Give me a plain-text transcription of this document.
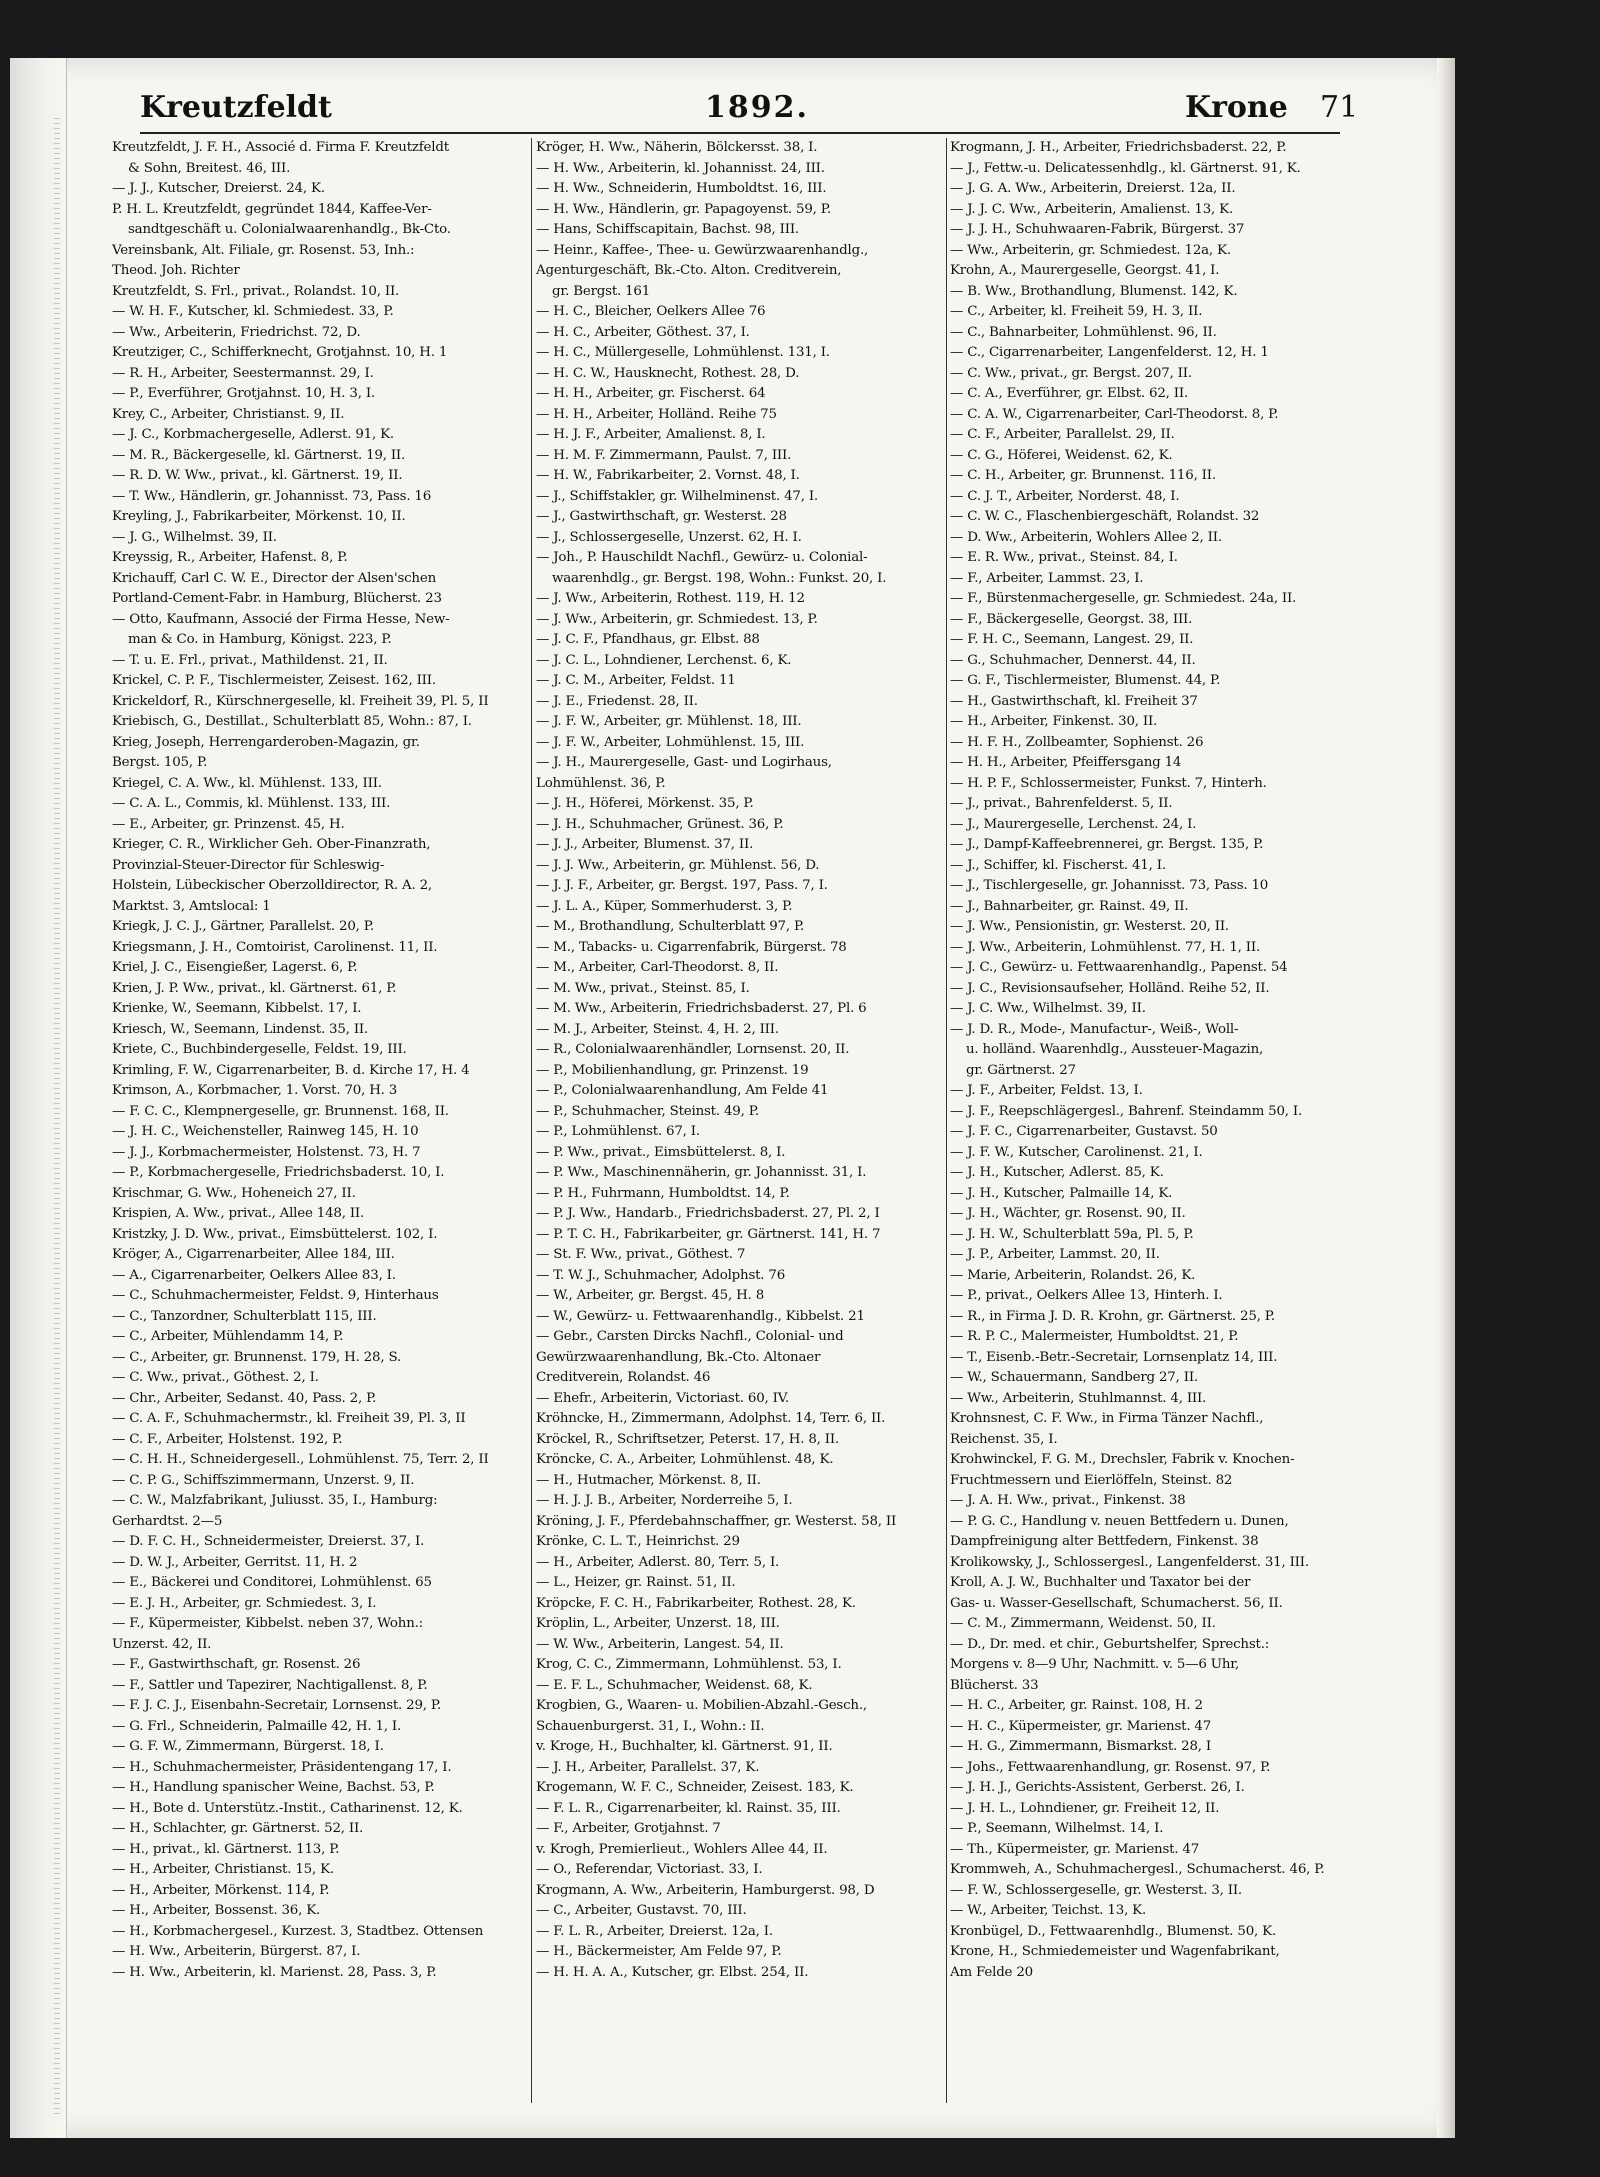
Kreutzfeldt	1892.	Krone 71
Kreutzfeldt, J. F. H., Associé d. Firma F. Kreutzfeldt
& Sohn, Breitest. 46, III.
— J. J., Kutscher, Dreierst. 24, K.
P. H. L. Kreutzfeldt, gegründet 1844, Kaffee-Ver-
sandtgeschäft u. Colonialwaarenhandlg., Bk-Cto.
Vereinsbank, Alt. Filiale, gr. Rosenst. 53, Inh.:
Theod. Joh. Richter
Kreutzfeldt, S. Frl., privat., Rolandst. 10, II.
— W. H. F., Kutscher, kl. Schmiedest. 33, P.
— Ww., Arbeiterin, Friedrichst. 72, D.
Kreutziger, C., Schifferknecht, Grotjahnst. 10, H. 1
— R. H., Arbeiter, Seestermannst. 29, I.
— P., Everführer, Grotjahnst. 10, H. 3, I.
Krey, C., Arbeiter, Christianst. 9, II.
— J. C., Korbmachergeselle, Adlerst. 91, K.
— M. R., Bäckergeselle, kl. Gärtnerst. 19, II.
— R. D. W. Ww., privat., kl. Gärtnerst. 19, II.
— T. Ww., Händlerin, gr. Johannisst. 73, Pass. 16
Kreyling, J., Fabrikarbeiter, Mörkenst. 10, II.
— J. G., Wilhelmst. 39, II.
Kreyssig, R., Arbeiter, Hafenst. 8, P.
Krichauff, Carl C. W. E., Director der Alsen'schen
Portland-Cement-Fabr. in Hamburg, Blücherst. 23
— Otto, Kaufmann, Associé der Firma Hesse, New-
man & Co. in Hamburg, Königst. 223, P.
— T. u. E. Frl., privat., Mathildenst. 21, II.
Krickel, C. P. F., Tischlermeister, Zeisest. 162, III.
Krickeldorf, R., Kürschnergeselle, kl. Freiheit 39, Pl. 5, II
Kriebisch, G., Destillat., Schulterblatt 85, Wohn.: 87, I.
Krieg, Joseph, Herrengarderoben-Magazin, gr.
Bergst. 105, P.
Kriegel, C. A. Ww., kl. Mühlenst. 133, III.
— C. A. L., Commis, kl. Mühlenst. 133, III.
— E., Arbeiter, gr. Prinzenst. 45, H.
Krieger, C. R., Wirklicher Geh. Ober-Finanzrath,
Provinzial-Steuer-Director für Schleswig-
Holstein, Lübeckischer Oberzolldirector, R. A. 2,
Marktst. 3, Amtslocal: 1
Kriegk, J. C. J., Gärtner, Parallelst. 20, P.
Kriegsmann, J. H., Comtoirist, Carolinenst. 11, II.
Kriel, J. C., Eisengießer, Lagerst. 6, P.
Krien, J. P. Ww., privat., kl. Gärtnerst. 61, P.
Krienke, W., Seemann, Kibbelst. 17, I.
Kriesch, W., Seemann, Lindenst. 35, II.
Kriete, C., Buchbindergeselle, Feldst. 19, III.
Krimling, F. W., Cigarrenarbeiter, B. d. Kirche 17, H. 4
Krimson, A., Korbmacher, 1. Vorst. 70, H. 3
— F. C. C., Klempnergeselle, gr. Brunnenst. 168, II.
— J. H. C., Weichensteller, Rainweg 145, H. 10
— J. J., Korbmachermeister, Holstenst. 73, H. 7
— P., Korbmachergeselle, Friedrichsbaderst. 10, I.
Krischmar, G. Ww., Hoheneich 27, II.
Krispien, A. Ww., privat., Allee 148, II.
Kristzky, J. D. Ww., privat., Eimsbüttelerst. 102, I.
Kröger, A., Cigarrenarbeiter, Allee 184, III.
— A., Cigarrenarbeiter, Oelkers Allee 83, I.
— C., Schuhmachermeister, Feldst. 9, Hinterhaus
— C., Tanzordner, Schulterblatt 115, III.
— C., Arbeiter, Mühlendamm 14, P.
— C., Arbeiter, gr. Brunnenst. 179, H. 28, S.
— C. Ww., privat., Göthest. 2, I.
— Chr., Arbeiter, Sedanst. 40, Pass. 2, P.
— C. A. F., Schuhmachermstr., kl. Freiheit 39, Pl. 3, II
— C. F., Arbeiter, Holstenst. 192, P.
— C. H. H., Schneidergesell., Lohmühlenst. 75, Terr. 2, II
— C. P. G., Schiffszimmermann, Unzerst. 9, II.
— C. W., Malzfabrikant, Juliusst. 35, I., Hamburg:
Gerhardtst. 2—5
— D. F. C. H., Schneidermeister, Dreierst. 37, I.
— D. W. J., Arbeiter, Gerritst. 11, H. 2
— E., Bäckerei und Conditorei, Lohmühlenst. 65
— E. J. H., Arbeiter, gr. Schmiedest. 3, I.
— F., Küpermeister, Kibbelst. neben 37, Wohn.:
Unzerst. 42, II.
— F., Gastwirthschaft, gr. Rosenst. 26
— F., Sattler und Tapezirer, Nachtigallenst. 8, P.
— F. J. C. J., Eisenbahn-Secretair, Lornsenst. 29, P.
— G. Frl., Schneiderin, Palmaille 42, H. 1, I.
— G. F. W., Zimmermann, Bürgerst. 18, I.
— H., Schuhmachermeister, Präsidentengang 17, I.
— H., Handlung spanischer Weine, Bachst. 53, P.
— H., Bote d. Unterstütz.-Instit., Catharinenst. 12, K.
— H., Schlachter, gr. Gärtnerst. 52, II.
— H., privat., kl. Gärtnerst. 113, P.
— H., Arbeiter, Christianst. 15, K.
— H., Arbeiter, Mörkenst. 114, P.
— H., Arbeiter, Bossenst. 36, K.
— H., Korbmachergesel., Kurzest. 3, Stadtbez. Ottensen
— H. Ww., Arbeiterin, Bürgerst. 87, I.
— H. Ww., Arbeiterin, kl. Marienst. 28, Pass. 3, P.
Kröger, H. Ww., Näherin, Bölckersst. 38, I.
— H. Ww., Arbeiterin, kl. Johannisst. 24, III.
— H. Ww., Schneiderin, Humboldtst. 16, III.
— H. Ww., Händlerin, gr. Papagoyenst. 59, P.
— Hans, Schiffscapitain, Bachst. 98, III.
— Heinr., Kaffee-, Thee- u. Gewürzwaarenhandlg.,
Agenturgeschäft, Bk.-Cto. Alton. Creditverein,
gr. Bergst. 161
— H. C., Bleicher, Oelkers Allee 76
— H. C., Arbeiter, Göthest. 37, I.
— H. C., Müllergeselle, Lohmühlenst. 131, I.
— H. C. W., Hausknecht, Rothest. 28, D.
— H. H., Arbeiter, gr. Fischerst. 64
— H. H., Arbeiter, Holländ. Reihe 75
— H. J. F., Arbeiter, Amalienst. 8, I.
— H. M. F. Zimmermann, Paulst. 7, III.
— H. W., Fabrikarbeiter, 2. Vornst. 48, I.
— J., Schiffstakler, gr. Wilhelminenst. 47, I.
— J., Gastwirthschaft, gr. Westerst. 28
— J., Schlossergeselle, Unzerst. 62, H. I.
— Joh., P. Hauschildt Nachfl., Gewürz- u. Colonial-
waarenhdlg., gr. Bergst. 198, Wohn.: Funkst. 20, I.
— J. Ww., Arbeiterin, Rothest. 119, H. 12
— J. Ww., Arbeiterin, gr. Schmiedest. 13, P.
— J. C. F., Pfandhaus, gr. Elbst. 88
— J. C. L., Lohndiener, Lerchenst. 6, K.
— J. C. M., Arbeiter, Feldst. 11
— J. E., Friedenst. 28, II.
— J. F. W., Arbeiter, gr. Mühlenst. 18, III.
— J. F. W., Arbeiter, Lohmühlenst. 15, III.
— J. H., Maurergeselle, Gast- und Logirhaus,
Lohmühlenst. 36, P.
— J. H., Höferei, Mörkenst. 35, P.
— J. H., Schuhmacher, Grünest. 36, P.
— J. J., Arbeiter, Blumenst. 37, II.
— J. J. Ww., Arbeiterin, gr. Mühlenst. 56, D.
— J. J. F., Arbeiter, gr. Bergst. 197, Pass. 7, I.
— J. L. A., Küper, Sommerhuderst. 3, P.
— M., Brothandlung, Schulterblatt 97, P.
— M., Tabacks- u. Cigarrenfabrik, Bürgerst. 78
— M., Arbeiter, Carl-Theodorst. 8, II.
— M. Ww., privat., Steinst. 85, I.
— M. Ww., Arbeiterin, Friedrichsbaderst. 27, Pl. 6
— M. J., Arbeiter, Steinst. 4, H. 2, III.
— R., Colonialwaarenhändler, Lornsenst. 20, II.
— P., Mobilienhandlung, gr. Prinzenst. 19
— P., Colonialwaarenhandlung, Am Felde 41
— P., Schuhmacher, Steinst. 49, P.
— P., Lohmühlenst. 67, I.
— P. Ww., privat., Eimsbüttelerst. 8, I.
— P. Ww., Maschinennäherin, gr. Johannisst. 31, I.
— P. H., Fuhrmann, Humboldtst. 14, P.
— P. J. Ww., Handarb., Friedrichsbaderst. 27, Pl. 2, I
— P. T. C. H., Fabrikarbeiter, gr. Gärtnerst. 141, H. 7
— St. F. Ww., privat., Göthest. 7
— T. W. J., Schuhmacher, Adolphst. 76
— W., Arbeiter, gr. Bergst. 45, H. 8
— W., Gewürz- u. Fettwaarenhandlg., Kibbelst. 21
— Gebr., Carsten Dircks Nachfl., Colonial- und
Gewürzwaarenhandlung, Bk.-Cto. Altonaer
Creditverein, Rolandst. 46
— Ehefr., Arbeiterin, Victoriast. 60, IV.
Kröhncke, H., Zimmermann, Adolphst. 14, Terr. 6, II.
Kröckel, R., Schriftsetzer, Peterst. 17, H. 8, II.
Kröncke, C. A., Arbeiter, Lohmühlenst. 48, K.
— H., Hutmacher, Mörkenst. 8, II.
— H. J. J. B., Arbeiter, Norderreihe 5, I.
Kröning, J. F., Pferdebahnschaffner, gr. Westerst. 58, II
Krönke, C. L. T., Heinrichst. 29
— H., Arbeiter, Adlerst. 80, Terr. 5, I.
— L., Heizer, gr. Rainst. 51, II.
Kröpcke, F. C. H., Fabrikarbeiter, Rothest. 28, K.
Kröplin, L., Arbeiter, Unzerst. 18, III.
— W. Ww., Arbeiterin, Langest. 54, II.
Krog, C. C., Zimmermann, Lohmühlenst. 53, I.
— E. F. L., Schuhmacher, Weidenst. 68, K.
Krogbien, G., Waaren- u. Mobilien-Abzahl.-Gesch.,
Schauenburgerst. 31, I., Wohn.: II.
v. Kroge, H., Buchhalter, kl. Gärtnerst. 91, II.
— J. H., Arbeiter, Parallelst. 37, K.
Krogemann, W. F. C., Schneider, Zeisest. 183, K.
— F. L. R., Cigarrenarbeiter, kl. Rainst. 35, III.
— F., Arbeiter, Grotjahnst. 7
v. Krogh, Premierlieut., Wohlers Allee 44, II.
— O., Referendar, Victoriast. 33, I.
Krogmann, A. Ww., Arbeiterin, Hamburgerst. 98, D
— C., Arbeiter, Gustavst. 70, III.
— F. L. R., Arbeiter, Dreierst. 12a, I.
— H., Bäckermeister, Am Felde 97, P.
— H. H. A. A., Kutscher, gr. Elbst. 254, II.
Krogmann, J. H., Arbeiter, Friedrichsbaderst. 22, P.
— J., Fettw.-u. Delicatessenhdlg., kl. Gärtnerst. 91, K.
— J. G. A. Ww., Arbeiterin, Dreierst. 12a, II.
— J. J. C. Ww., Arbeiterin, Amalienst. 13, K.
— J. J. H., Schuhwaaren-Fabrik, Bürgerst. 37
— Ww., Arbeiterin, gr. Schmiedest. 12a, K.
Krohn, A., Maurergeselle, Georgst. 41, I.
— B. Ww., Brothandlung, Blumenst. 142, K.
— C., Arbeiter, kl. Freiheit 59, H. 3, II.
— C., Bahnarbeiter, Lohmühlenst. 96, II.
— C., Cigarrenarbeiter, Langenfelderst. 12, H. 1
— C. Ww., privat., gr. Bergst. 207, II.
— C. A., Everführer, gr. Elbst. 62, II.
— C. A. W., Cigarrenarbeiter, Carl-Theodorst. 8, P.
— C. F., Arbeiter, Parallelst. 29, II.
— C. G., Höferei, Weidenst. 62, K.
— C. H., Arbeiter, gr. Brunnenst. 116, II.
— C. J. T., Arbeiter, Norderst. 48, I.
— C. W. C., Flaschenbiergeschäft, Rolandst. 32
— D. Ww., Arbeiterin, Wohlers Allee 2, II.
— E. R. Ww., privat., Steinst. 84, I.
— F., Arbeiter, Lammst. 23, I.
— F., Bürstenmachergeselle, gr. Schmiedest. 24a, II.
— F., Bäckergeselle, Georgst. 38, III.
— F. H. C., Seemann, Langest. 29, II.
— G., Schuhmacher, Dennerst. 44, II.
— G. F., Tischlermeister, Blumenst. 44, P.
— H., Gastwirthschaft, kl. Freiheit 37
— H., Arbeiter, Finkenst. 30, II.
— H. F. H., Zollbeamter, Sophienst. 26
— H. H., Arbeiter, Pfeiffersgang 14
— H. P. F., Schlossermeister, Funkst. 7, Hinterh.
— J., privat., Bahrenfelderst. 5, II.
— J., Maurergeselle, Lerchenst. 24, I.
— J., Dampf-Kaffeebrennerei, gr. Bergst. 135, P.
— J., Schiffer, kl. Fischerst. 41, I.
— J., Tischlergeselle, gr. Johannisst. 73, Pass. 10
— J., Bahnarbeiter, gr. Rainst. 49, II.
— J. Ww., Pensionistin, gr. Westerst. 20, II.
— J. Ww., Arbeiterin, Lohmühlenst. 77, H. 1, II.
— J. C., Gewürz- u. Fettwaarenhandlg., Papenst. 54
— J. C., Revisionsaufseher, Holländ. Reihe 52, II.
— J. C. Ww., Wilhelmst. 39, II.
— J. D. R., Mode-, Manufactur-, Weiß-, Woll-
u. holländ. Waarenhdlg., Aussteuer-Magazin,
gr. Gärtnerst. 27
— J. F., Arbeiter, Feldst. 13, I.
— J. F., Reepschlägergesl., Bahrenf. Steindamm 50, I.
— J. F. C., Cigarrenarbeiter, Gustavst. 50
— J. F. W., Kutscher, Carolinenst. 21, I.
— J. H., Kutscher, Adlerst. 85, K.
— J. H., Kutscher, Palmaille 14, K.
— J. H., Wächter, gr. Rosenst. 90, II.
— J. H. W., Schulterblatt 59a, Pl. 5, P.
— J. P., Arbeiter, Lammst. 20, II.
— Marie, Arbeiterin, Rolandst. 26, K.
— P., privat., Oelkers Allee 13, Hinterh. I.
— R., in Firma J. D. R. Krohn, gr. Gärtnerst. 25, P.
— R. P. C., Malermeister, Humboldtst. 21, P.
— T., Eisenb.-Betr.-Secretair, Lornsenplatz 14, III.
— W., Schauermann, Sandberg 27, II.
— Ww., Arbeiterin, Stuhlmannst. 4, III.
Krohnsnest, C. F. Ww., in Firma Tänzer Nachfl.,
Reichenst. 35, I.
Krohwinckel, F. G. M., Drechsler, Fabrik v. Knochen-
Fruchtmessern und Eierlöffeln, Steinst. 82
— J. A. H. Ww., privat., Finkenst. 38
— P. G. C., Handlung v. neuen Bettfedern u. Dunen,
Dampfreinigung alter Bettfedern, Finkenst. 38
Krolikowsky, J., Schlossergesl., Langenfelderst. 31, III.
Kroll, A. J. W., Buchhalter und Taxator bei der
Gas- u. Wasser-Gesellschaft, Schumacherst. 56, II.
— C. M., Zimmermann, Weidenst. 50, II.
— D., Dr. med. et chir., Geburtshelfer, Sprechst.:
Morgens v. 8—9 Uhr, Nachmitt. v. 5—6 Uhr,
Blücherst. 33
— H. C., Arbeiter, gr. Rainst. 108, H. 2
— H. C., Küpermeister, gr. Marienst. 47
— H. G., Zimmermann, Bismarkst. 28, I
— Johs., Fettwaarenhandlung, gr. Rosenst. 97, P.
— J. H. J., Gerichts-Assistent, Gerberst. 26, I.
— J. H. L., Lohndiener, gr. Freiheit 12, II.
— P., Seemann, Wilhelmst. 14, I.
— Th., Küpermeister, gr. Marienst. 47
Krommweh, A., Schuhmachergesl., Schumacherst. 46, P.
— F. W., Schlossergeselle, gr. Westerst. 3, II.
— W., Arbeiter, Teichst. 13, K.
Kronbügel, D., Fettwaarenhdlg., Blumenst. 50, K.
Krone, H., Schmiedemeister und Wagenfabrikant,
Am Felde 20
